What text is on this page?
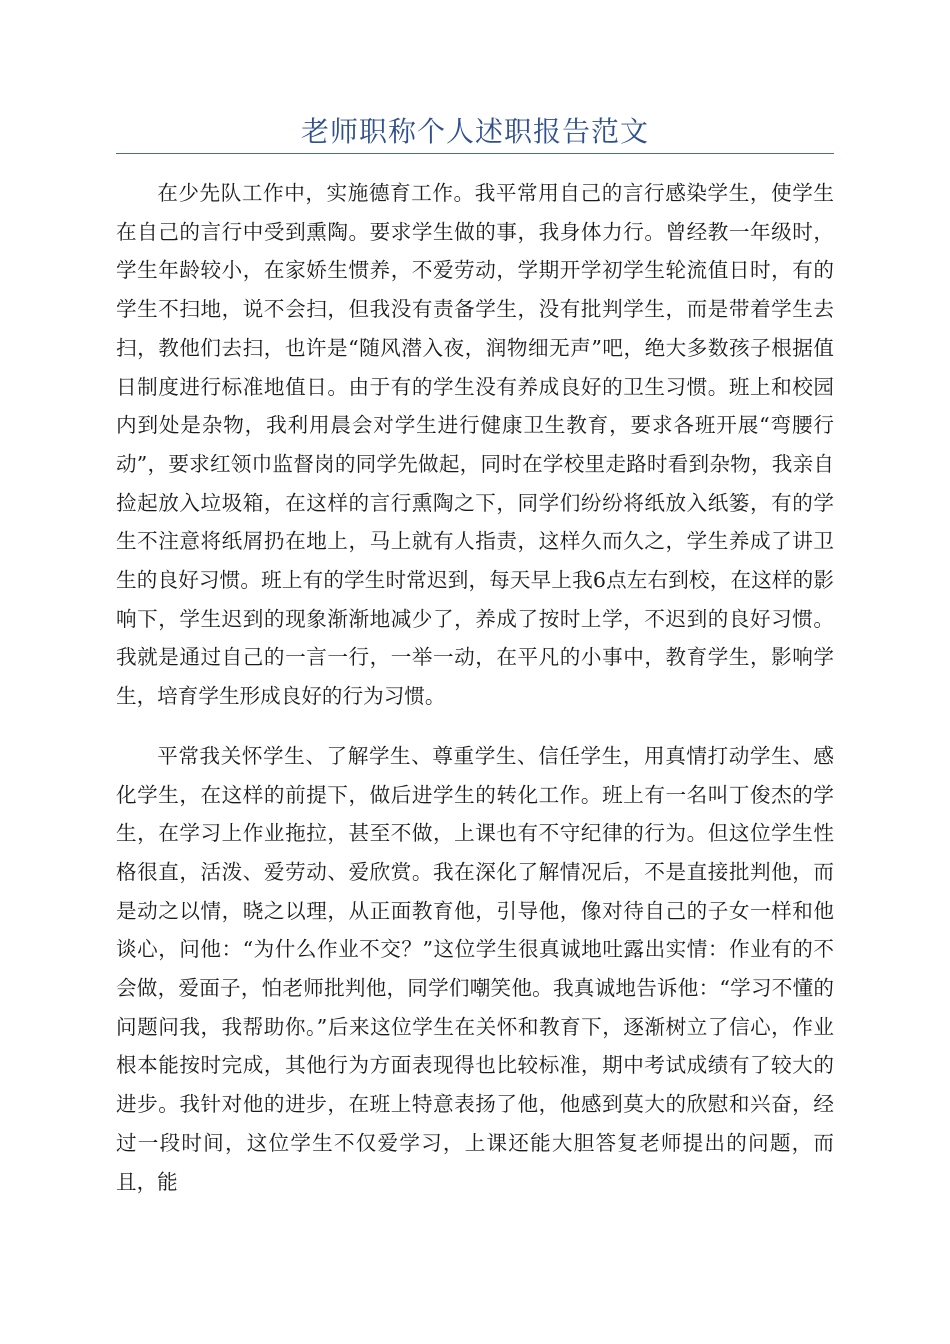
老师职称个人述职报告范文

在少先队工作中，实施德育工作。我平常用自己的言行感染学生，使学生在自己的言行中受到熏陶。要求学生做的事，我身体力行。曾经教一年级时，学生年龄较小，在家娇生惯养，不爱劳动，学期开学初学生轮流值日时，有的学生不扫地，说不会扫，但我没有责备学生，没有批判学生，而是带着学生去扫，教他们去扫，也许是“随风潜入夜，润物细无声”吧，绝大多数孩子根据值日制度进行标准地值日。由于有的学生没有养成良好的卫生习惯。班上和校园内到处是杂物，我利用晨会对学生进行健康卫生教育，要求各班开展“弯腰行动”，要求红领巾监督岗的同学先做起，同时在学校里走路时看到杂物，我亲自捡起放入垃圾箱，在这样的言行熏陶之下，同学们纷纷将纸放入纸篓，有的学生不注意将纸屑扔在地上，马上就有人指责，这样久而久之，学生养成了讲卫生的良好习惯。班上有的学生时常迟到，每天早上我6点左右到校，在这样的影响下，学生迟到的现象渐渐地减少了，养成了按时上学，不迟到的良好习惯。我就是通过自己的一言一行，一举一动，在平凡的小事中，教育学生，影响学生，培育学生形成良好的行为习惯。

平常我关怀学生、了解学生、尊重学生、信任学生，用真情打动学生、感化学生，在这样的前提下，做后进学生的转化工作。班上有一名叫丁俊杰的学生，在学习上作业拖拉，甚至不做，上课也有不守纪律的行为。但这位学生性格很直，活泼、爱劳动、爱欣赏。我在深化了解情况后，不是直接批判他，而是动之以情，晓之以理，从正面教育他，引导他，像对待自己的子女一样和他谈心，问他：“为什么作业不交？”这位学生很真诚地吐露出实情：作业有的不会做，爱面子，怕老师批判他，同学们嘲笑他。我真诚地告诉他：“学习不懂的问题问我，我帮助你。”后来这位学生在关怀和教育下，逐渐树立了信心，作业根本能按时完成，其他行为方面表现得也比较标准，期中考试成绩有了较大的进步。我针对他的进步，在班上特意表扬了他，他感到莫大的欣慰和兴奋，经过一段时间，这位学生不仅爱学习，上课还能大胆答复老师提出的问题，而且，能
